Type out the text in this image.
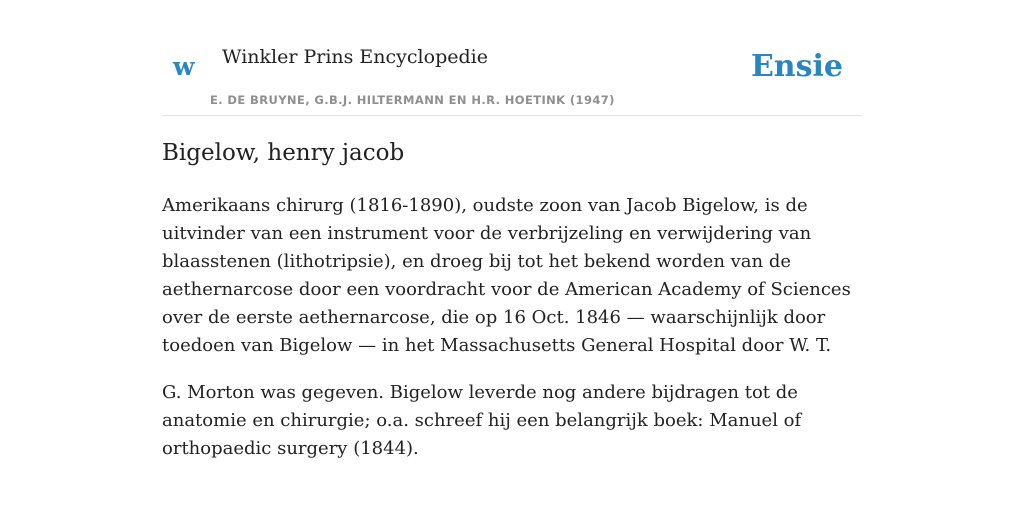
w Winkler Prins Encyclopedie
E. DE BRUYNE, G.B.J. HILTERMANN EN H.R. HOETINK (1947)
Ensie
Bigelow, henry jacob

Amerikaans chirurg (1816-1890), oudste zoon van Jacob Bigelow, is de uitvinder van een instrument voor de verbrijzeling en verwijdering van blaasstenen (lithotripsie), en droeg bij tot het bekend worden van de aethernarcose door een voordracht voor de American Academy of Sciences over de eerste aethernarcose, die op 16 Oct. 1846 — waarschijnlijk door toedoen van Bigelow — in het Massachusetts General Hospital door W. T.

G. Morton was gegeven. Bigelow leverde nog andere bijdragen tot de anatomie en chirurgie; o.a. schreef hij een belangrijk boek: Manuel of orthopaedic surgery (1844).
